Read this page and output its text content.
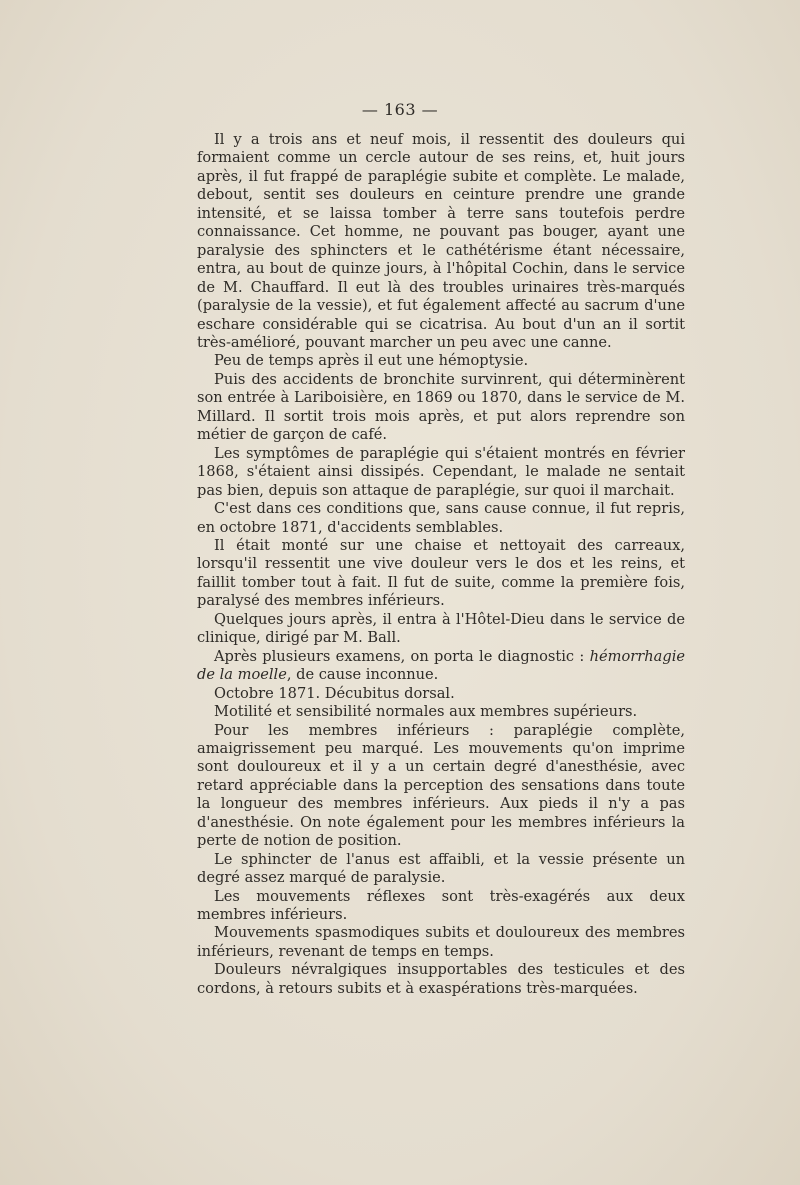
— 163 —

Il y a trois ans et neuf mois, il ressentit des douleurs qui formaient comme un cercle autour de ses reins, et, huit jours après, il fut frappé de paraplégie subite et complète. Le malade, debout, sentit ses douleurs en ceinture prendre une grande intensité, et se laissa tomber à terre sans toutefois perdre connaissance. Cet homme, ne pouvant pas bouger, ayant une paralysie des sphincters et le cathétérisme étant nécessaire, entra, au bout de quinze jours, à l'hôpital Cochin, dans le service de M. Chauffard. Il eut là des troubles urinaires très-marqués (paralysie de la vessie), et fut également affecté au sacrum d'une eschare considérable qui se cicatrisa. Au bout d'un an il sortit très-amélioré, pouvant marcher un peu avec une canne.

Peu de temps après il eut une hémoptysie.

Puis des accidents de bronchite survinrent, qui déterminèrent son entrée à Lariboisière, en 1869 ou 1870, dans le service de M. Millard. Il sortit trois mois après, et put alors reprendre son métier de garçon de café.

Les symptômes de paraplégie qui s'étaient montrés en février 1868, s'étaient ainsi dissipés. Cependant, le malade ne sentait pas bien, depuis son attaque de paraplégie, sur quoi il marchait.

C'est dans ces conditions que, sans cause connue, il fut repris, en octobre 1871, d'accidents semblables.

Il était monté sur une chaise et nettoyait des carreaux, lorsqu'il ressentit une vive douleur vers le dos et les reins, et faillit tomber tout à fait. Il fut de suite, comme la première fois, paralysé des membres inférieurs.

Quelques jours après, il entra à l'Hôtel-Dieu dans le service de clinique, dirigé par M. Ball.

Après plusieurs examens, on porta le diagnostic : hémorrhagie de la moelle, de cause inconnue.

Octobre 1871. Décubitus dorsal.

Motilité et sensibilité normales aux membres supérieurs.

Pour les membres inférieurs : paraplégie complète, amaigrissement peu marqué. Les mouvements qu'on imprime sont douloureux et il y a un certain degré d'anesthésie, avec retard appréciable dans la perception des sensations dans toute la longueur des membres inférieurs. Aux pieds il n'y a pas d'anesthésie. On note également pour les membres inférieurs la perte de notion de position.

Le sphincter de l'anus est affaibli, et la vessie présente un degré assez marqué de paralysie.

Les mouvements réflexes sont très-exagérés aux deux membres inférieurs.

Mouvements spasmodiques subits et douloureux des membres inférieurs, revenant de temps en temps.

Douleurs névralgiques insupportables des testicules et des cordons, à retours subits et à exaspérations très-marquées.
